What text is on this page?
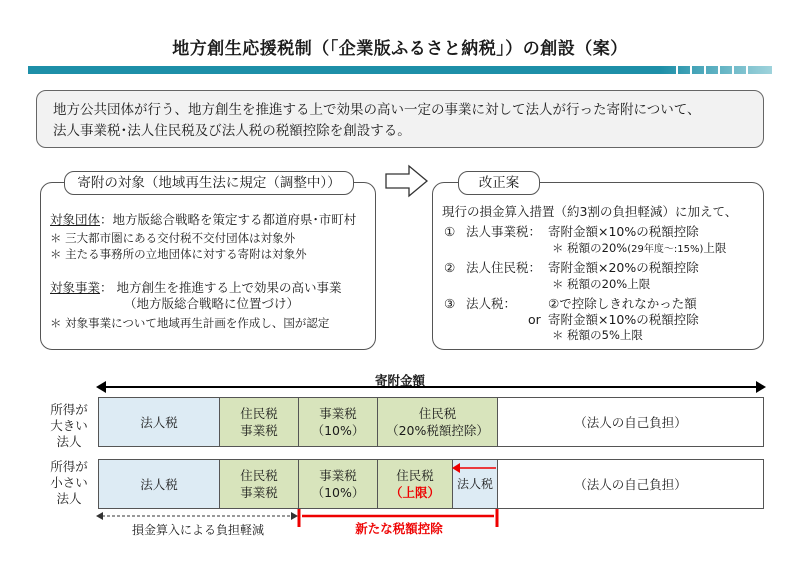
地方創生応援税制（「企業版ふるさと納税」）の創設（案）
地方公共団体が行う、地方創生を推進する上で効果の高い一定の事業に対して法人が行った寄附について、
法人事業税･法人住民税及び法人税の税額控除を創設する。
寄附の対象（地域再生法に規定（調整中））
対象団体：地方版総合戦略を策定する都道府県･市町村
＊ 三大都市圏にある交付税不交付団体は対象外
＊ 主たる事務所の立地団体に対する寄附は対象外
対象事業： 地方創生を推進する上で効果の高い事業
（地方版総合戦略に位置づけ）
＊ 対象事業について地域再生計画を作成し、国が認定
改正案
現行の損金算入措置（約3割の負担軽減）に加えて、
① 法人事業税： 寄附金額×10%の税額控除
＊ 税額の20%(29年度～:15%)上限
② 法人住民税： 寄附金額×20%の税額控除
＊ 税額の20%上限
③ 法人税：	②で控除しきれなかった額
or 寄附金額×10%の税額控除
＊ 税額の5%上限
寄附金額
所得が大きい法人
法人税
住民税
事業税
事業税
（10%）
住民税
（20%税額控除）
（法人の自己負担）
所得が小さい法人
法人税
住民税
事業税
事業税
（10%）
住民税
（上限）
法人税	（法人の自己負担）
損金算入による負担軽減	新たな税額控除
